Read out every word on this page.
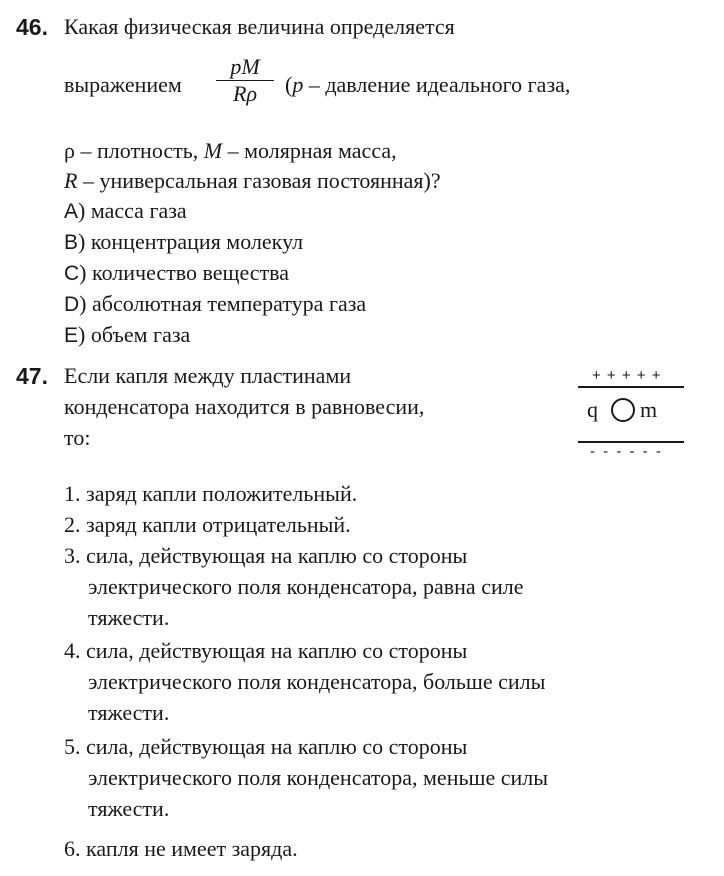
46. Какая физическая величина определяется
выражением
pM
Rρ	(p – давление идеального газа,
ρ – плотность, M – молярная масса,
R – универсальная газовая постоянная)?
A) масса газа
B) концентрация молекул
C) количество вещества
D) абсолютная температура газа
E) объем газа
47. Если капля между пластинами
конденсатора находится в равновесии,
то:
+ + + + +
q m
- - - - - -
1. заряд капли положительный.
2. заряд капли отрицательный.
3. сила, действующая на каплю со стороны
электрического поля конденсатора, равна силе
тяжести.
4. сила, действующая на каплю со стороны
электрического поля конденсатора, больше силы
тяжести.
5. сила, действующая на каплю со стороны
электрического поля конденсатора, меньше силы
тяжести.
6. капля не имеет заряда.
